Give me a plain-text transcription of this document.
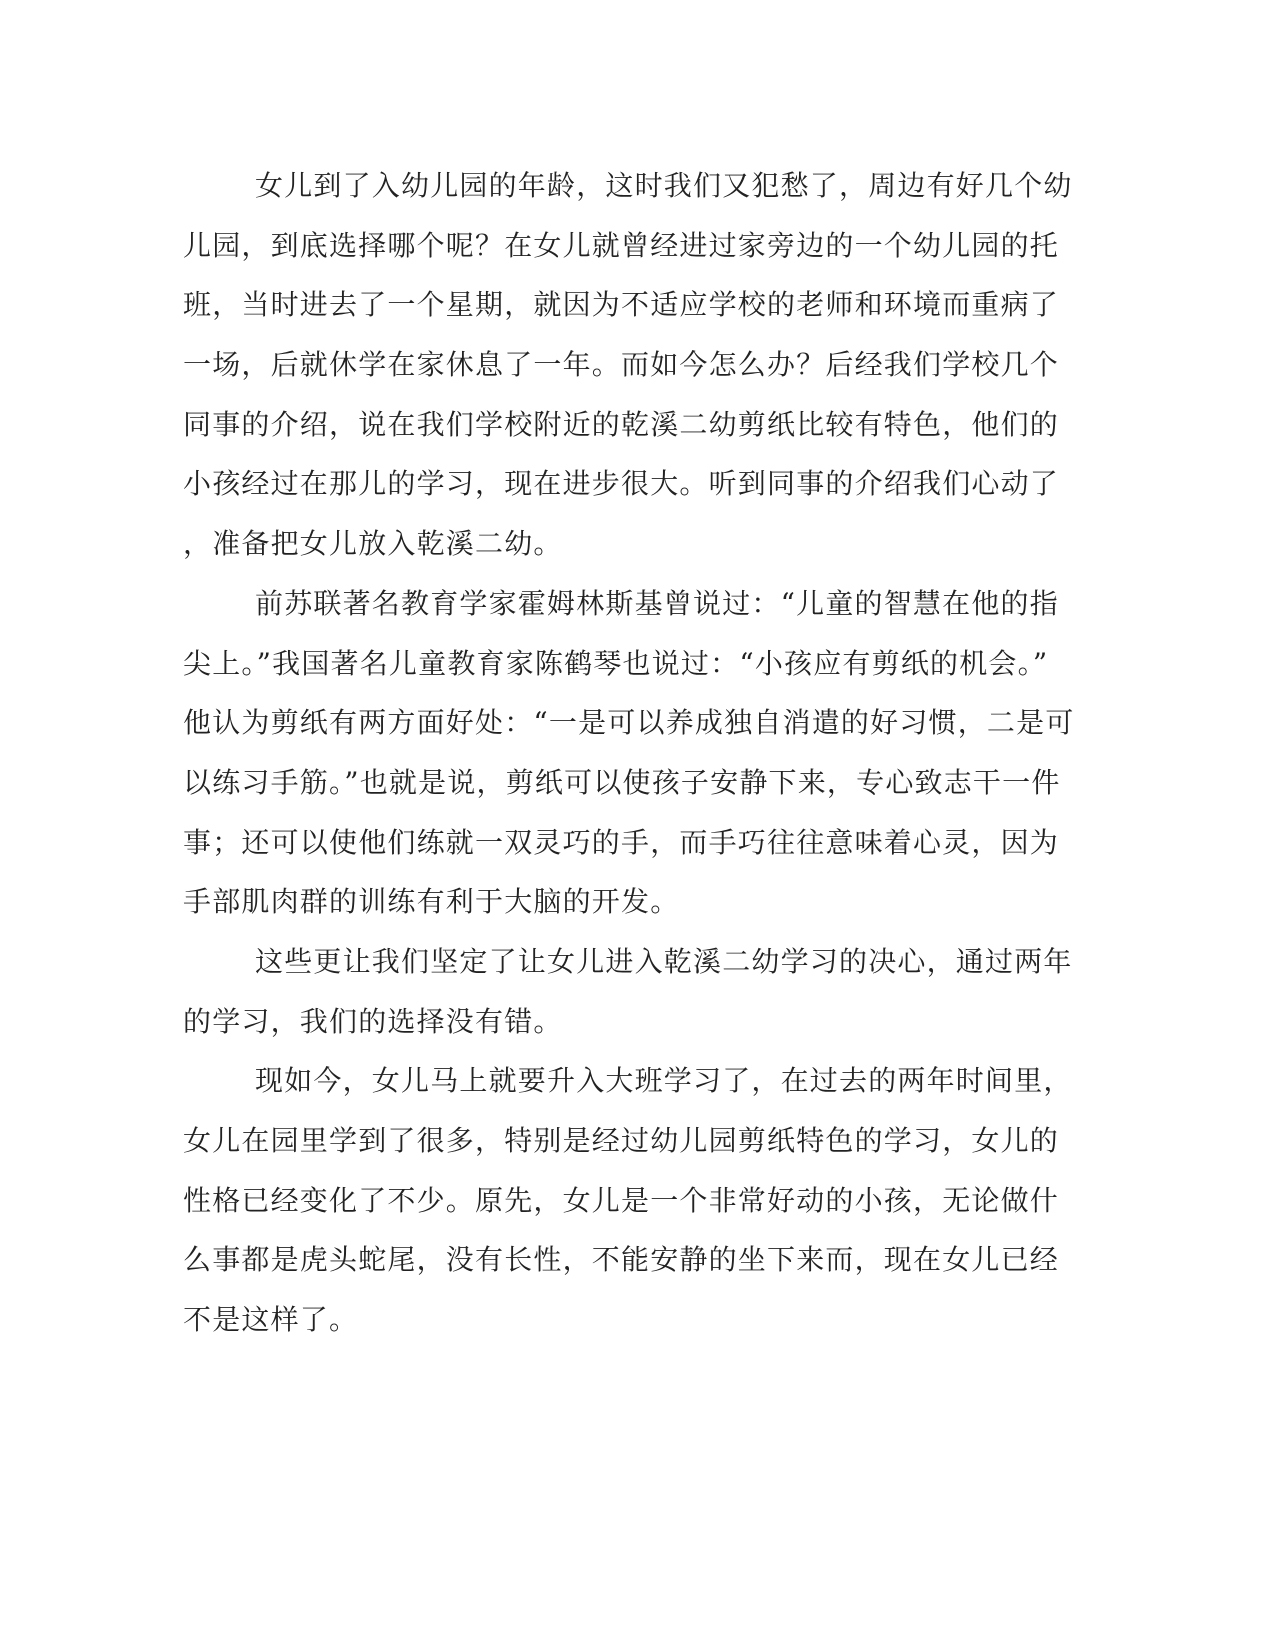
女儿到了入幼儿园的年龄，这时我们又犯愁了，周边有好几个幼
儿园，到底选择哪个呢？在女儿就曾经进过家旁边的一个幼儿园的托
班，当时进去了一个星期，就因为不适应学校的老师和环境而重病了
一场，后就休学在家休息了一年。而如今怎么办？后经我们学校几个
同事的介绍，说在我们学校附近的乾溪二幼剪纸比较有特色，他们的
小孩经过在那儿的学习，现在进步很大。听到同事的介绍我们心动了
，准备把女儿放入乾溪二幼。
前苏联著名教育学家霍姆林斯基曾说过：“儿童的智慧在他的指
尖上。”我国著名儿童教育家陈鹤琴也说过：“小孩应有剪纸的机会。”
他认为剪纸有两方面好处：“一是可以养成独自消遣的好习惯，二是可
以练习手筋。”也就是说，剪纸可以使孩子安静下来，专心致志干一件
事；还可以使他们练就一双灵巧的手，而手巧往往意味着心灵，因为
手部肌肉群的训练有利于大脑的开发。
这些更让我们坚定了让女儿进入乾溪二幼学习的决心，通过两年
的学习，我们的选择没有错。
现如今，女儿马上就要升入大班学习了，在过去的两年时间里，
女儿在园里学到了很多，特别是经过幼儿园剪纸特色的学习，女儿的
性格已经变化了不少。原先，女儿是一个非常好动的小孩，无论做什
么事都是虎头蛇尾，没有长性，不能安静的坐下来而，现在女儿已经
不是这样了。
